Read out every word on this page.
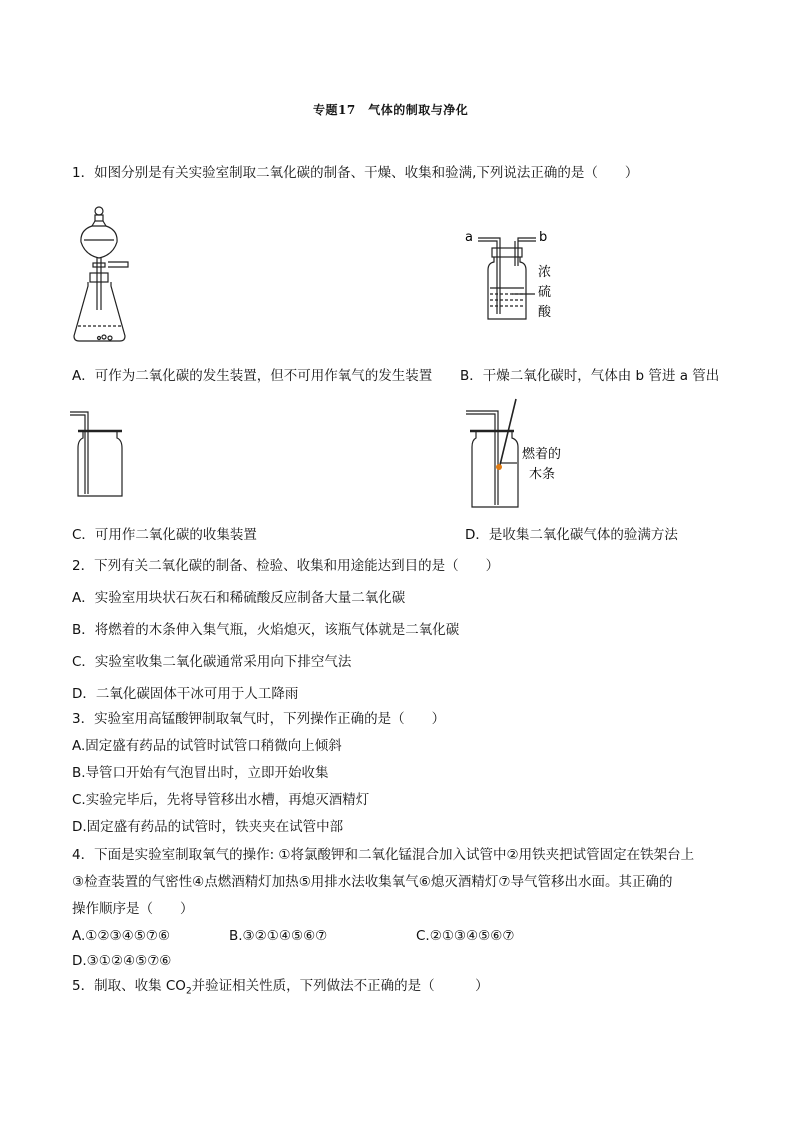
专题17　气体的制取与净化
1．如图分别是有关实验室制取二氧化碳的制备、干燥、收集和验满,下列说法正确的是（　　）
a	b
浓
硫
酸
A．可作为二氧化碳的发生装置，但不可用作氧气的发生装置 B．干燥二氧化碳时，气体由 b 管进 a 管出
燃着的
木条
C．可用作二氧化碳的收集装置	D．是收集二氧化碳气体的验满方法
2．下列有关二氧化碳的制备、检验、收集和用途能达到目的是（　　）
A．实验室用块状石灰石和稀硫酸反应制备大量二氧化碳
B．将燃着的木条伸入集气瓶，火焰熄灭，该瓶气体就是二氧化碳
C．实验室收集二氧化碳通常采用向下排空气法
D．二氧化碳固体干冰可用于人工降雨
3．实验室用高锰酸钾制取氧气时，下列操作正确的是（　　）
A.固定盛有药品的试管时试管口稍微向上倾斜
B.导管口开始有气泡冒出时，立即开始收集
C.实验完毕后，先将导管移出水槽，再熄灭酒精灯
D.固定盛有药品的试管时，铁夹夹在试管中部
4．下面是实验室制取氧气的操作: ①将氯酸钾和二氧化锰混合加入试管中②用铁夹把试管固定在铁架台上
③检查装置的气密性④点燃酒精灯加热⑤用排水法收集氧气⑥熄灭酒精灯⑦导气管移出水面。其正确的
操作顺序是（　　）
A.①②③④⑤⑦⑥	B.③②①④⑤⑥⑦	C.②①③④⑤⑥⑦
D.③①②④⑤⑦⑥
5．制取、收集 $CO_2$并验证相关性质，下列做法不正确的是（　　　）
